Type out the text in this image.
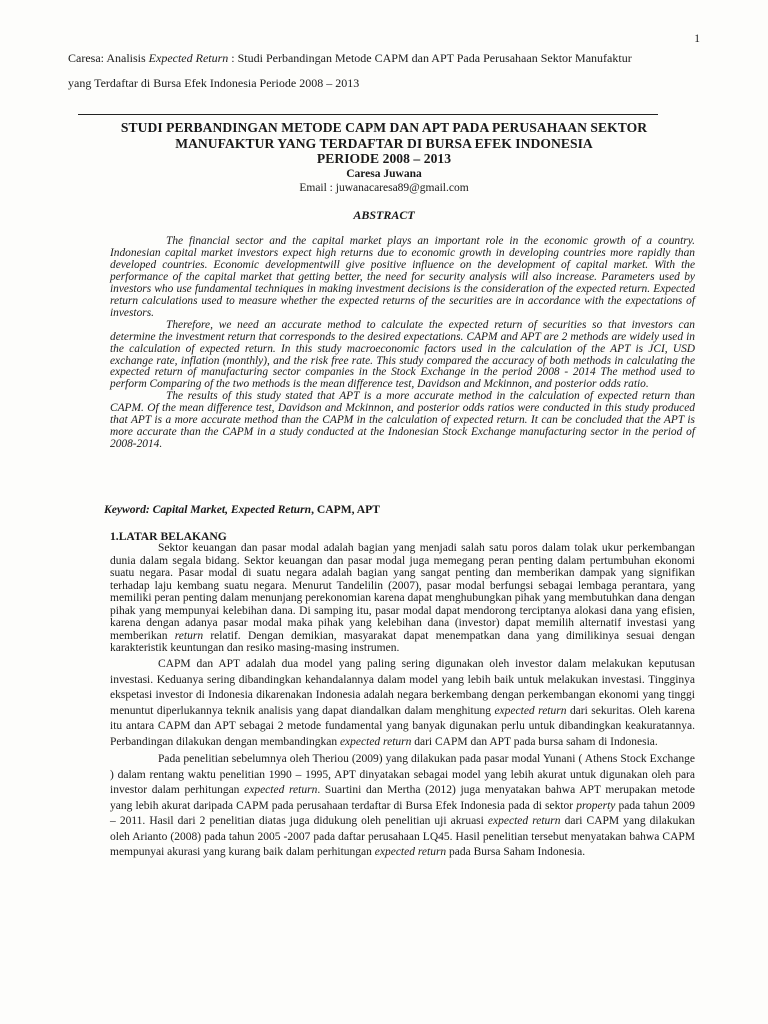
1
Caresa: Analisis Expected Return : Studi Perbandingan Metode CAPM dan APT Pada Perusahaan Sektor Manufaktur
yang Terdaftar di Bursa Efek Indonesia Periode 2008 – 2013
STUDI PERBANDINGAN METODE CAPM DAN APT PADA PERUSAHAAN SEKTOR
MANUFAKTUR YANG TERDAFTAR DI BURSA EFEK INDONESIA
PERIODE 2008 – 2013
Caresa Juwana
Email : juwanacaresa89@gmail.com
ABSTRACT

The financial sector and the capital market plays an important role in the economic growth of a country. Indonesian capital market investors expect high returns due to economic growth in developing countries more rapidly than developed countries. Economic developmentwill give positive influence on the development of capital market. With the performance of the capital market that getting better, the need for security analysis will also increase. Parameters used by investors who use fundamental techniques in making investment decisions is the consideration of the expected return. Expected return calculations used to measure whether the expected returns of the securities are in accordance with the expectations of investors.

Therefore, we need an accurate method to calculate the expected return of securities so that investors can determine the investment return that corresponds to the desired expectations. CAPM and APT are 2 methods are widely used in the calculation of expected return. In this study macroeconomic factors used in the calculation of the APT is JCI, USD exchange rate, inflation (monthly), and the risk free rate. This study compared the accuracy of both methods in calculating the expected return of manufacturing sector companies in the Stock Exchange in the period 2008 - 2014 The method used to perform Comparing of the two methods is the mean difference test, Davidson and Mckinnon, and posterior odds ratio.

The results of this study stated that APT is a more accurate method in the calculation of expected return than CAPM. Of the mean difference test, Davidson and Mckinnon, and posterior odds ratios were conducted in this study produced that APT is a more accurate method than the CAPM in the calculation of expected return. It can be concluded that the APT is more accurate than the CAPM in a study conducted at the Indonesian Stock Exchange manufacturing sector in the period of 2008-2014.

Keyword: Capital Market, Expected Return, CAPM, APT
1.LATAR BELAKANG

Sektor keuangan dan pasar modal adalah bagian yang menjadi salah satu poros dalam tolak ukur perkembangan dunia dalam segala bidang. Sektor keuangan dan pasar modal juga memegang peran penting dalam pertumbuhan ekonomi suatu negara. Pasar modal di suatu negara adalah bagian yang sangat penting dan memberikan dampak yang signifikan terhadap laju kembang suatu negara. Menurut Tandelilin (2007), pasar modal berfungsi sebagai lembaga perantara, yang memiliki peran penting dalam menunjang perekonomian karena dapat menghubungkan pihak yang membutuhkan dana dengan pihak yang mempunyai kelebihan dana. Di samping itu, pasar modal dapat mendorong terciptanya alokasi dana yang efisien, karena dengan adanya pasar modal maka pihak yang kelebihan dana (investor) dapat memilih alternatif investasi yang memberikan return relatif. Dengan demikian, masyarakat dapat menempatkan dana yang dimilikinya sesuai dengan karakteristik keuntungan dan resiko masing-masing instrumen.

CAPM dan APT adalah dua model yang paling sering digunakan oleh investor dalam melakukan keputusan investasi. Keduanya sering dibandingkan kehandalannya dalam model yang lebih baik untuk melakukan investasi. Tingginya ekspetasi investor di Indonesia dikarenakan Indonesia adalah negara berkembang dengan perkembangan ekonomi yang tinggi menuntut diperlukannya teknik analisis yang dapat diandalkan dalam menghitung expected return dari sekuritas. Oleh karena itu antara CAPM dan APT sebagai 2 metode fundamental yang banyak digunakan perlu untuk dibandingkan keakuratannya. Perbandingan dilakukan dengan membandingkan expected return dari CAPM dan APT pada bursa saham di Indonesia.

Pada penelitian sebelumnya oleh Theriou (2009) yang dilakukan pada pasar modal Yunani ( Athens Stock Exchange ) dalam rentang waktu penelitian 1990 – 1995, APT dinyatakan sebagai model yang lebih akurat untuk digunakan oleh para investor dalam perhitungan expected return. Suartini dan Mertha (2012) juga menyatakan bahwa APT merupakan metode yang lebih akurat daripada CAPM pada perusahaan terdaftar di Bursa Efek Indonesia pada di sektor property pada tahun 2009 – 2011. Hasil dari 2 penelitian diatas juga didukung oleh penelitian uji akruasi expected return dari CAPM yang dilakukan oleh Arianto (2008) pada tahun 2005 -2007 pada daftar perusahaan LQ45. Hasil penelitian tersebut menyatakan bahwa CAPM mempunyai akurasi yang kurang baik dalam perhitungan expected return pada Bursa Saham Indonesia.
